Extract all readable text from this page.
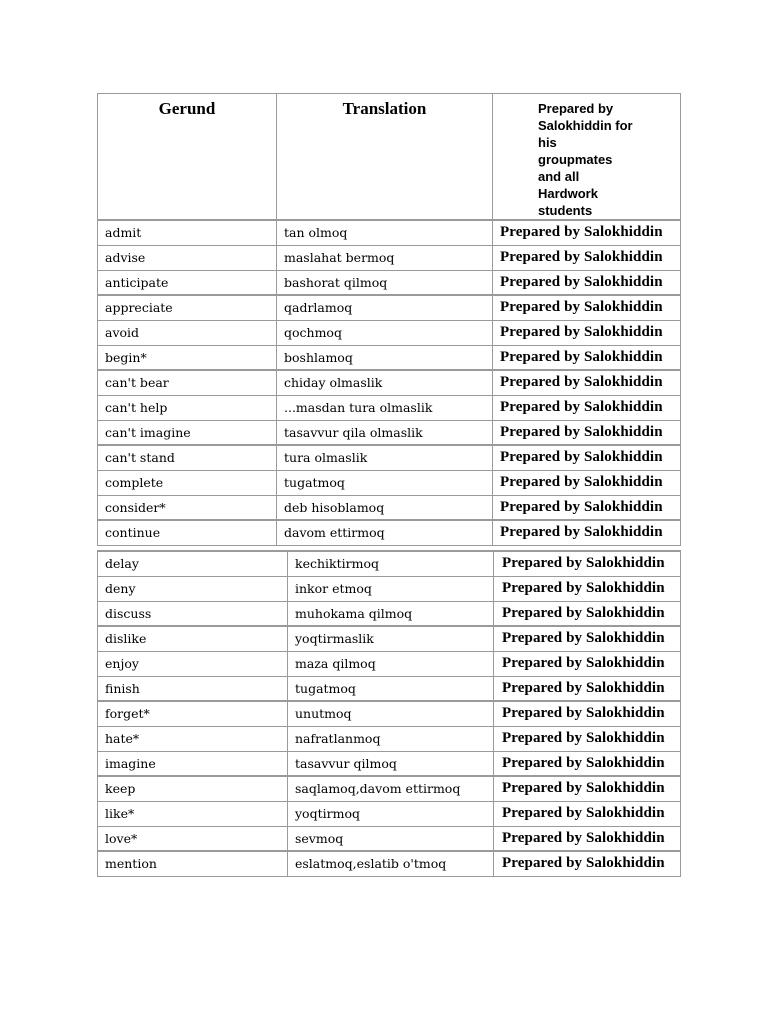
Gerund	Translation	Prepared by Salokhiddin for his groupmates and all Hardwork students

admit	tan olmoq	Prepared by Salokhiddin
advise	maslahat bermoq	Prepared by Salokhiddin
anticipate	bashorat qilmoq	Prepared by Salokhiddin
appreciate	qadrlamoq	Prepared by Salokhiddin
avoid	qochmoq	Prepared by Salokhiddin
begin*	boshlamoq	Prepared by Salokhiddin
can't bear	chiday olmaslik	Prepared by Salokhiddin
can't help	...masdan tura olmaslik	Prepared by Salokhiddin
can't imagine	tasavvur qila olmaslik	Prepared by Salokhiddin
can't stand	tura olmaslik	Prepared by Salokhiddin
complete	tugatmoq	Prepared by Salokhiddin
consider*	deb hisoblamoq	Prepared by Salokhiddin
continue	davom ettirmoq	Prepared by Salokhiddin
delay	kechiktirmoq	Prepared by Salokhiddin
deny	inkor etmoq	Prepared by Salokhiddin
discuss	muhokama qilmoq	Prepared by Salokhiddin
dislike	yoqtirmaslik	Prepared by Salokhiddin
enjoy	maza qilmoq	Prepared by Salokhiddin
finish	tugatmoq	Prepared by Salokhiddin
forget*	unutmoq	Prepared by Salokhiddin
hate*	nafratlanmoq	Prepared by Salokhiddin
imagine	tasavvur qilmoq	Prepared by Salokhiddin
keep	saqlamoq,davom ettirmoq	Prepared by Salokhiddin
like*	yoqtirmoq	Prepared by Salokhiddin
love*	sevmoq	Prepared by Salokhiddin
mention	eslatmoq,eslatib o'tmoq	Prepared by Salokhiddin
